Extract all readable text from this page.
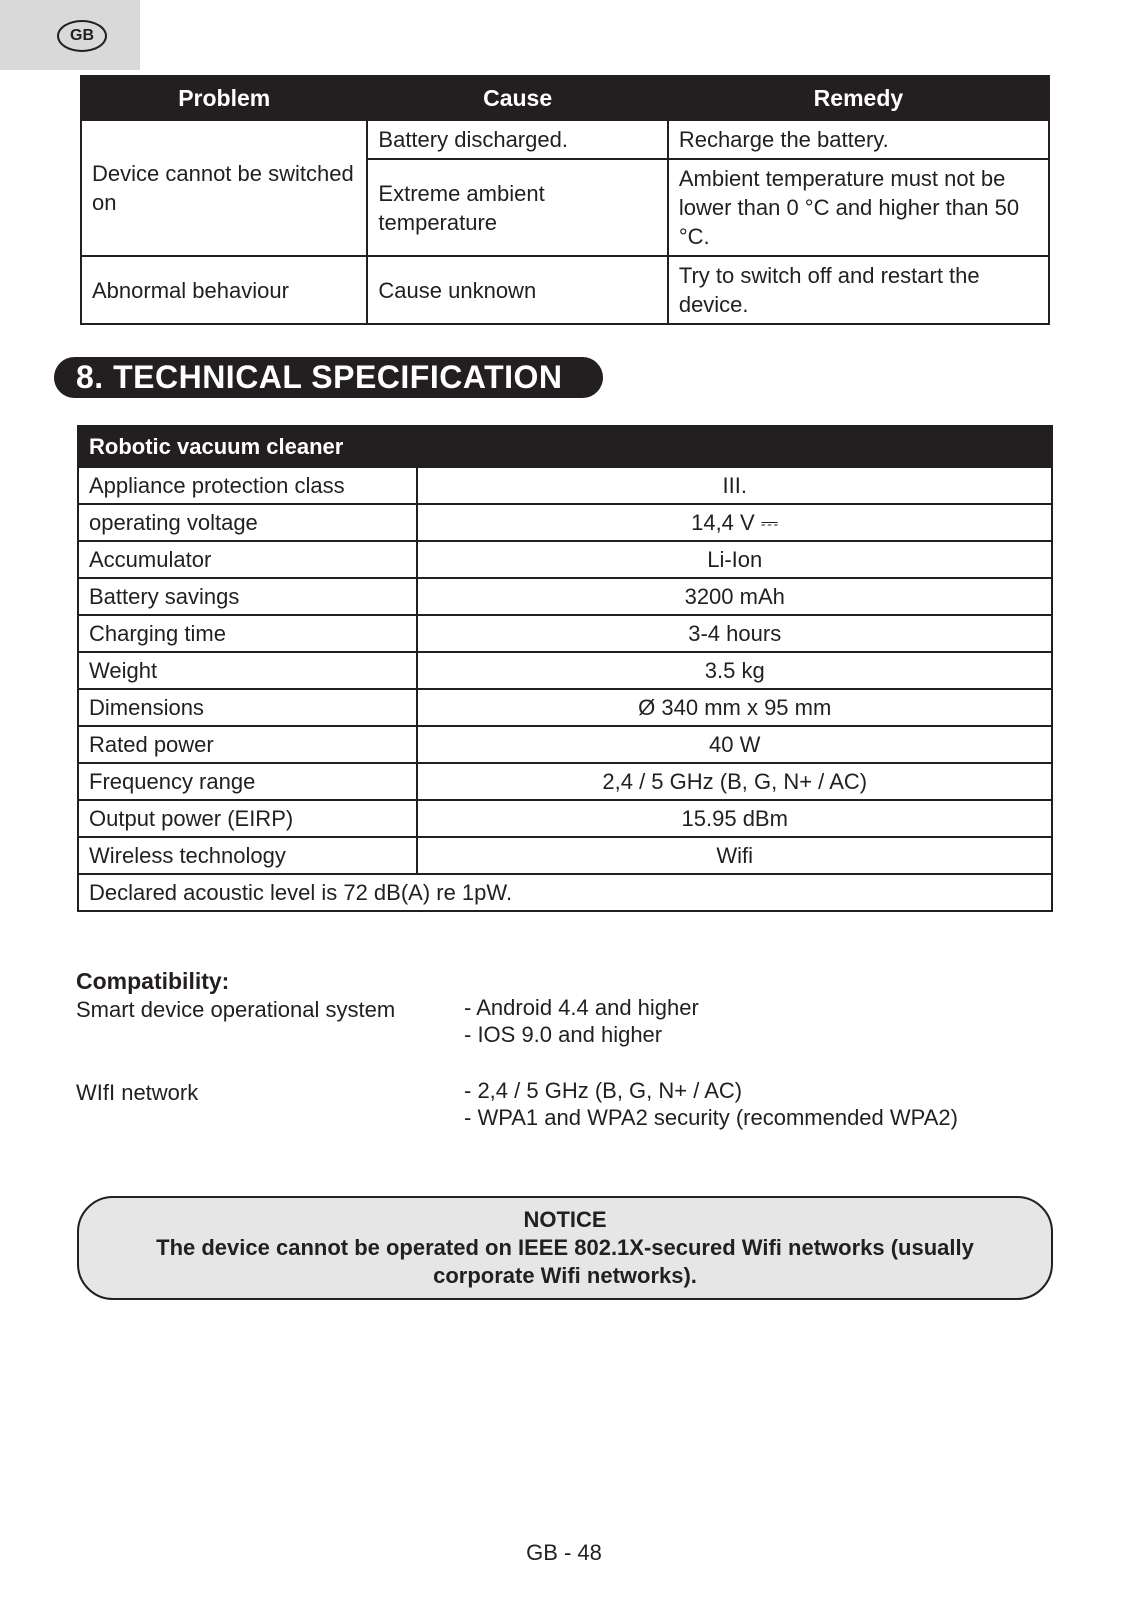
GB
Problem	Cause	Remedy
Device cannot be switched on	Battery discharged.	Recharge the battery.
	Extreme ambient temperature	Ambient temperature must not be lower than 0 °C and higher than 50 °C.
Abnormal behaviour	Cause unknown	Try to switch off and restart the device.
8. TECHNICAL SPECIFICATION
Robotic vacuum cleaner	
Appliance protection class	III.
operating voltage	14,4 V ⎓
Accumulator	Li-Ion
Battery savings	3200 mAh
Charging time	3-4 hours
Weight	3.5 kg
Dimensions	Ø 340 mm x 95 mm
Rated power	40 W
Frequency range	2,4 / 5 GHz (B, G, N+ / AC)
Output power (EIRP)	15.95 dBm
Wireless technology	Wifi
Declared acoustic level is 72 dB(A) re 1pW.	
Compatibility:
Smart device operational system	- Android 4.4 and higher
- IOS 9.0 and higher
WIfI network	- 2,4 / 5 GHz (B, G, N+ / AC)
- WPA1 and WPA2 security (recommended WPA2)
NOTICE
The device cannot be operated on IEEE 802.1X-secured Wifi networks (usually corporate Wifi networks).
GB - 48
